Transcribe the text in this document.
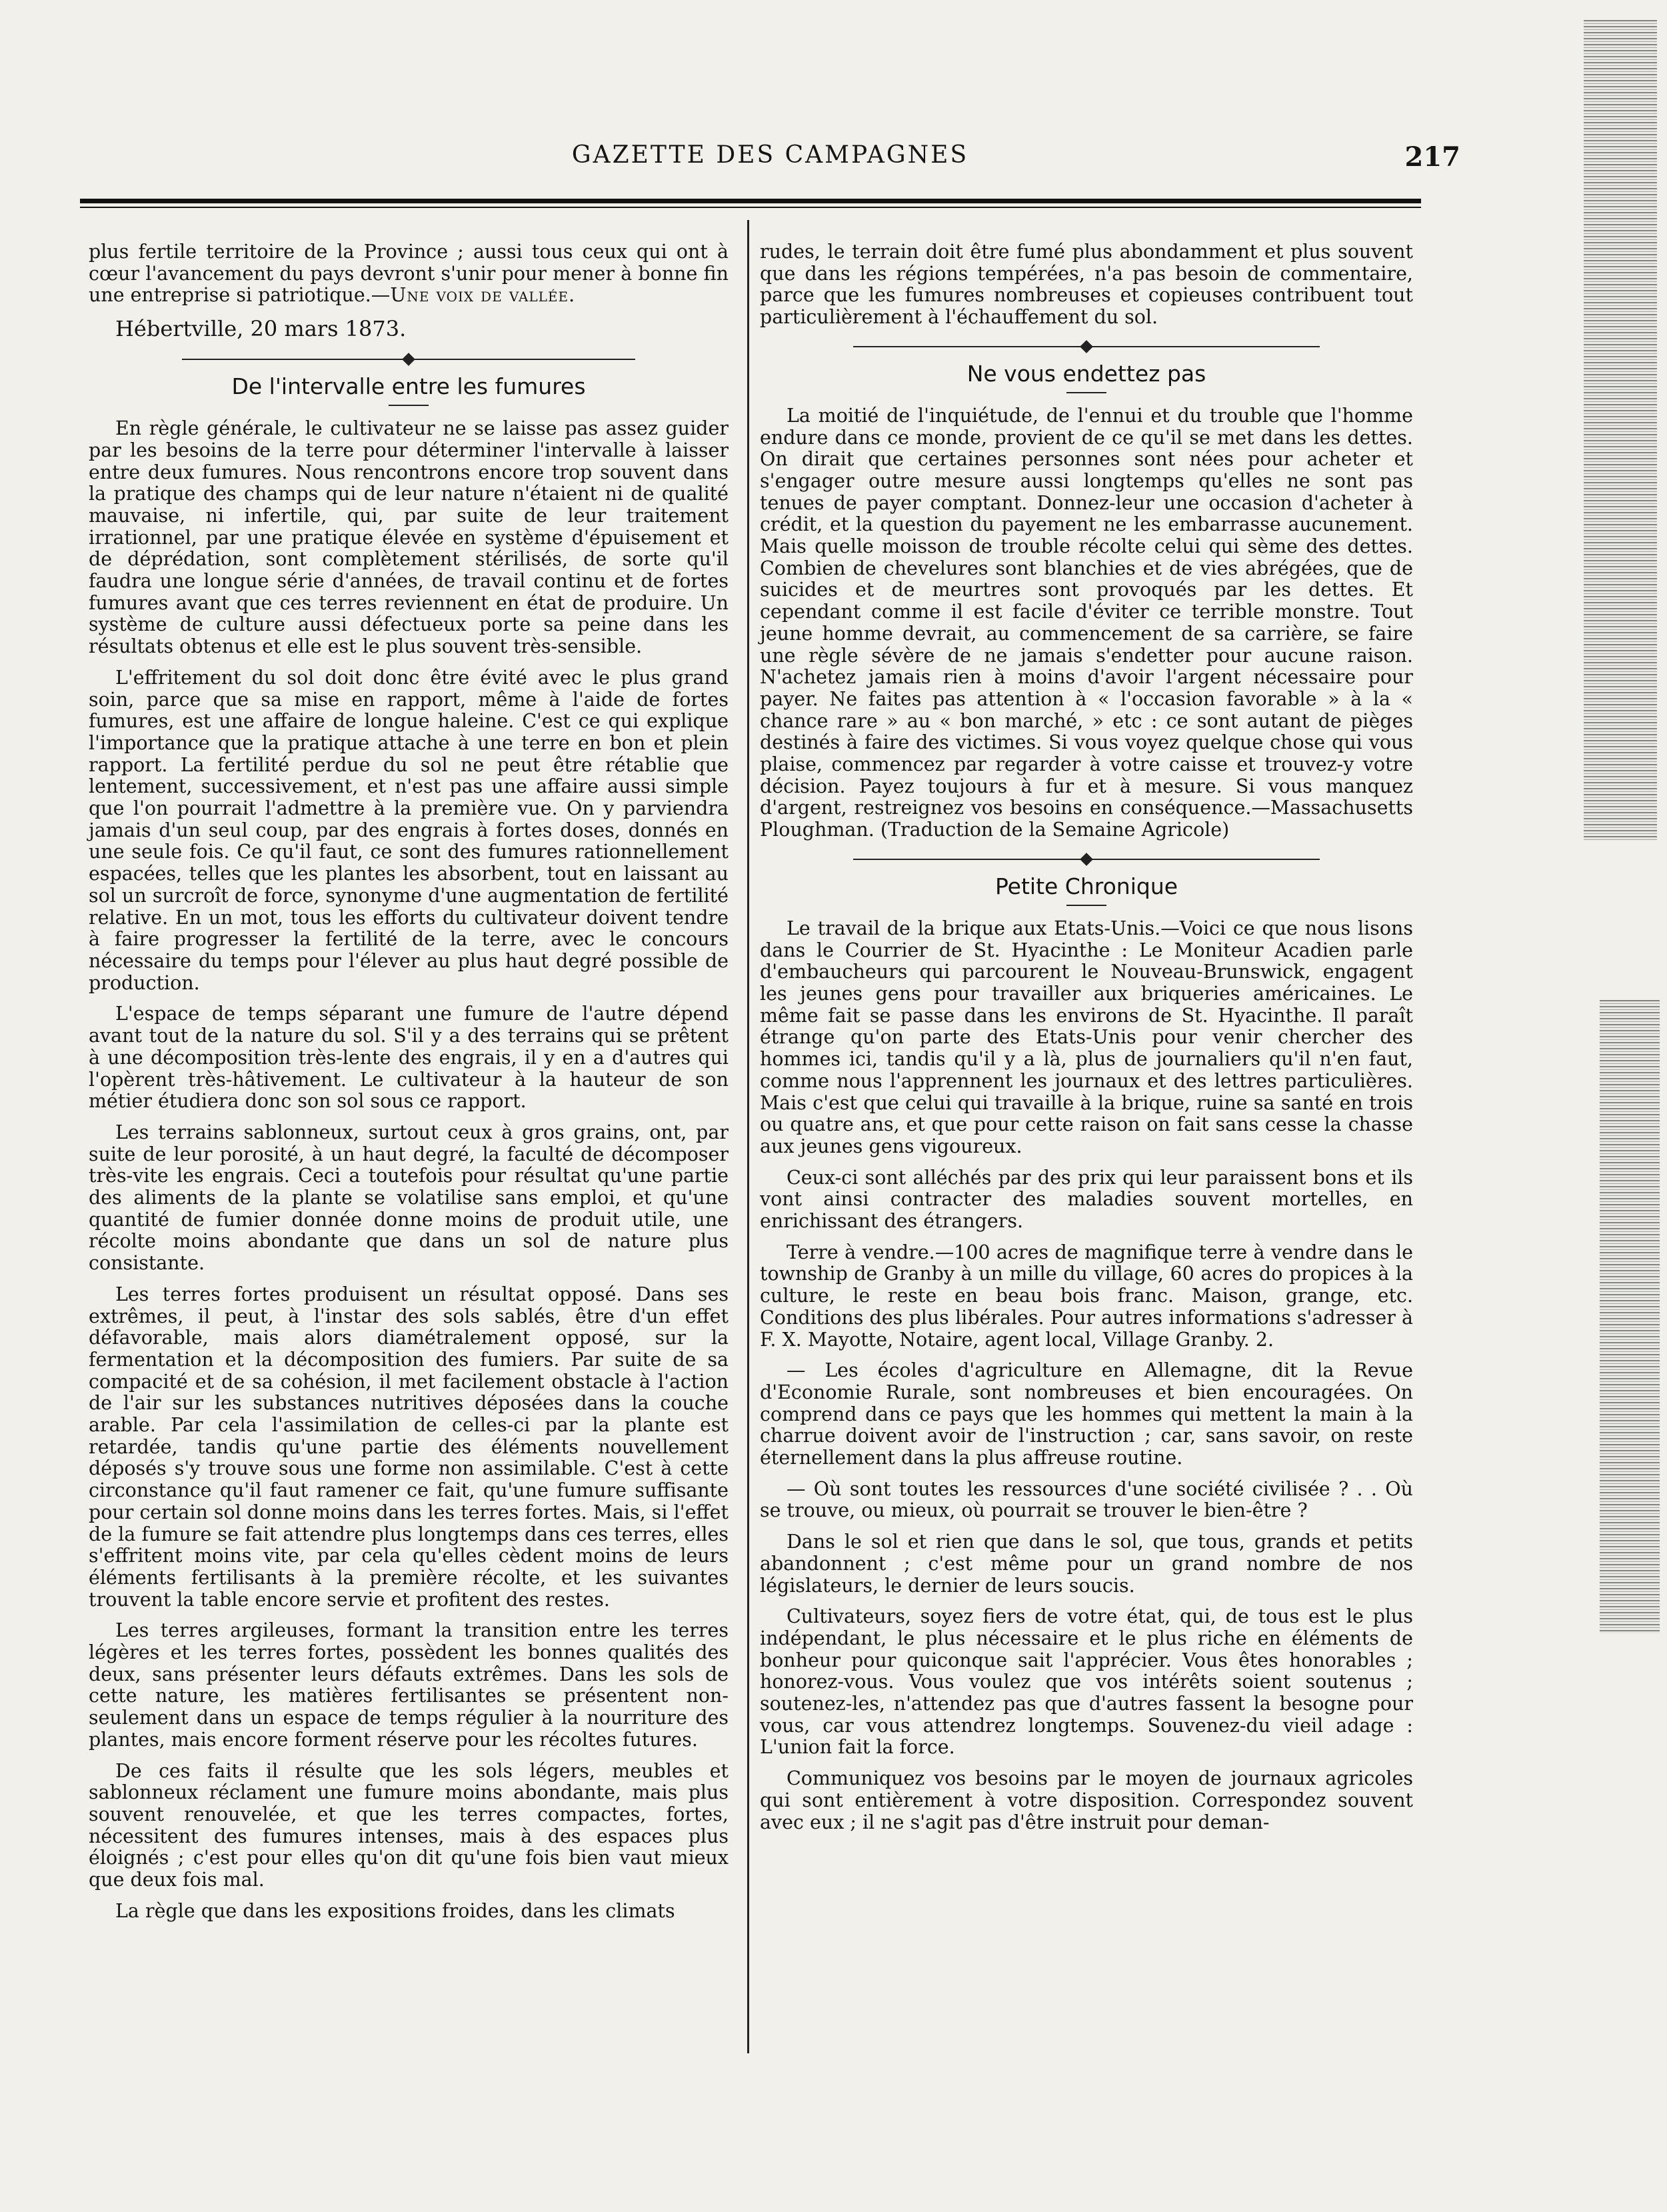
GAZETTE DES CAMPAGNES	217

plus fertile territoire de la Province ; aussi tous ceux qui ont à cœur l'avancement du pays devront s'unir pour mener à bonne fin une entreprise si patriotique.—Une voix de vallée.

Hébertville, 20 mars 1873.
De l'intervalle entre les fumures

En règle générale, le cultivateur ne se laisse pas assez guider par les besoins de la terre pour déterminer l'intervalle à laisser entre deux fumures. Nous rencontrons encore trop souvent dans la pratique des champs qui de leur nature n'étaient ni de qualité mauvaise, ni infertile, qui, par suite de leur traitement irrationnel, par une pratique élevée en système d'épuisement et de déprédation, sont complètement stérilisés, de sorte qu'il faudra une longue série d'années, de travail continu et de fortes fumures avant que ces terres reviennent en état de produire. Un système de culture aussi défectueux porte sa peine dans les résultats obtenus et elle est le plus souvent très-sensible.

L'effritement du sol doit donc être évité avec le plus grand soin, parce que sa mise en rapport, même à l'aide de fortes fumures, est une affaire de longue haleine. C'est ce qui explique l'importance que la pratique attache à une terre en bon et plein rapport. La fertilité perdue du sol ne peut être rétablie que lentement, successivement, et n'est pas une affaire aussi simple que l'on pourrait l'admettre à la première vue. On y parviendra jamais d'un seul coup, par des engrais à fortes doses, donnés en une seule fois. Ce qu'il faut, ce sont des fumures rationnellement espacées, telles que les plantes les absorbent, tout en laissant au sol un surcroît de force, synonyme d'une augmentation de fertilité relative. En un mot, tous les efforts du cultivateur doivent tendre à faire progresser la fertilité de la terre, avec le concours nécessaire du temps pour l'élever au plus haut degré possible de production.

L'espace de temps séparant une fumure de l'autre dépend avant tout de la nature du sol. S'il y a des terrains qui se prêtent à une décomposition très-lente des engrais, il y en a d'autres qui l'opèrent très-hâtivement. Le cultivateur à la hauteur de son métier étudiera donc son sol sous ce rapport.

Les terrains sablonneux, surtout ceux à gros grains, ont, par suite de leur porosité, à un haut degré, la faculté de décomposer très-vite les engrais. Ceci a toutefois pour résultat qu'une partie des aliments de la plante se volatilise sans emploi, et qu'une quantité de fumier donnée donne moins de produit utile, une récolte moins abondante que dans un sol de nature plus consistante.

Les terres fortes produisent un résultat opposé. Dans ses extrêmes, il peut, à l'instar des sols sablés, être d'un effet défavorable, mais alors diamétralement opposé, sur la fermentation et la décomposition des fumiers. Par suite de sa compacité et de sa cohésion, il met facilement obstacle à l'action de l'air sur les substances nutritives déposées dans la couche arable. Par cela l'assimilation de celles-ci par la plante est retardée, tandis qu'une partie des éléments nouvellement déposés s'y trouve sous une forme non assimilable. C'est à cette circonstance qu'il faut ramener ce fait, qu'une fumure suffisante pour certain sol donne moins dans les terres fortes. Mais, si l'effet de la fumure se fait attendre plus longtemps dans ces terres, elles s'effritent moins vite, par cela qu'elles cèdent moins de leurs éléments fertilisants à la première récolte, et les suivantes trouvent la table encore servie et profitent des restes.

Les terres argileuses, formant la transition entre les terres légères et les terres fortes, possèdent les bonnes qualités des deux, sans présenter leurs défauts extrêmes. Dans les sols de cette nature, les matières fertilisantes se présentent non-seulement dans un espace de temps régulier à la nourriture des plantes, mais encore forment réserve pour les récoltes futures.

De ces faits il résulte que les sols légers, meubles et sablonneux réclament une fumure moins abondante, mais plus souvent renouvelée, et que les terres compactes, fortes, nécessitent des fumures intenses, mais à des espaces plus éloignés ; c'est pour elles qu'on dit qu'une fois bien vaut mieux que deux fois mal.

La règle que dans les expositions froides, dans les climats

rudes, le terrain doit être fumé plus abondamment et plus souvent que dans les régions tempérées, n'a pas besoin de commentaire, parce que les fumures nombreuses et copieuses contribuent tout particulièrement à l'échauffement du sol.

Ne vous endettez pas

La moitié de l'inquiétude, de l'ennui et du trouble que l'homme endure dans ce monde, provient de ce qu'il se met dans les dettes. On dirait que certaines personnes sont nées pour acheter et s'engager outre mesure aussi longtemps qu'elles ne sont pas tenues de payer comptant. Donnez-leur une occasion d'acheter à crédit, et la question du payement ne les embarrasse aucunement. Mais quelle moisson de trouble récolte celui qui sème des dettes. Combien de chevelures sont blanchies et de vies abrégées, que de suicides et de meurtres sont provoqués par les dettes. Et cependant comme il est facile d'éviter ce terrible monstre. Tout jeune homme devrait, au commencement de sa carrière, se faire une règle sévère de ne jamais s'endetter pour aucune raison. N'achetez jamais rien à moins d'avoir l'argent nécessaire pour payer. Ne faites pas attention à « l'occasion favorable » à la « chance rare » au « bon marché, » etc : ce sont autant de pièges destinés à faire des victimes. Si vous voyez quelque chose qui vous plaise, commencez par regarder à votre caisse et trouvez-y votre décision. Payez toujours à fur et à mesure. Si vous manquez d'argent, restreignez vos besoins en conséquence.—Massachusetts Ploughman. (Traduction de la Semaine Agricole)

Petite Chronique

Le travail de la brique aux Etats-Unis.—Voici ce que nous lisons dans le Courrier de St. Hyacinthe : Le Moniteur Acadien parle d'embaucheurs qui parcourent le Nouveau-Brunswick, engagent les jeunes gens pour travailler aux briqueries américaines. Le même fait se passe dans les environs de St. Hyacinthe. Il paraît étrange qu'on parte des Etats-Unis pour venir chercher des hommes ici, tandis qu'il y a là, plus de journaliers qu'il n'en faut, comme nous l'apprennent les journaux et des lettres particulières. Mais c'est que celui qui travaille à la brique, ruine sa santé en trois ou quatre ans, et que pour cette raison on fait sans cesse la chasse aux jeunes gens vigoureux.

Ceux-ci sont alléchés par des prix qui leur paraissent bons et ils vont ainsi contracter des maladies souvent mortelles, en enrichissant des étrangers.

Terre à vendre.—100 acres de magnifique terre à vendre dans le township de Granby à un mille du village, 60 acres do propices à la culture, le reste en beau bois franc. Maison, grange, etc. Conditions des plus libérales. Pour autres informations s'adresser à F. X. Mayotte, Notaire, agent local, Village Granby. 2.

— Les écoles d'agriculture en Allemagne, dit la Revue d'Economie Rurale, sont nombreuses et bien encouragées. On comprend dans ce pays que les hommes qui mettent la main à la charrue doivent avoir de l'instruction ; car, sans savoir, on reste éternellement dans la plus affreuse routine.

— Où sont toutes les ressources d'une société civilisée ? . . Où se trouve, ou mieux, où pourrait se trouver le bien-être ?

Dans le sol et rien que dans le sol, que tous, grands et petits abandonnent ; c'est même pour un grand nombre de nos législateurs, le dernier de leurs soucis.

Cultivateurs, soyez fiers de votre état, qui, de tous est le plus indépendant, le plus nécessaire et le plus riche en éléments de bonheur pour quiconque sait l'apprécier. Vous êtes honorables ; honorez-vous. Vous voulez que vos intérêts soient soutenus ; soutenez-les, n'attendez pas que d'autres fassent la besogne pour vous, car vous attendrez longtemps. Souvenez-du vieil adage : L'union fait la force.

Communiquez vos besoins par le moyen de journaux agricoles qui sont entièrement à votre disposition. Correspondez souvent avec eux ; il ne s'agit pas d'être instruit pour deman-
